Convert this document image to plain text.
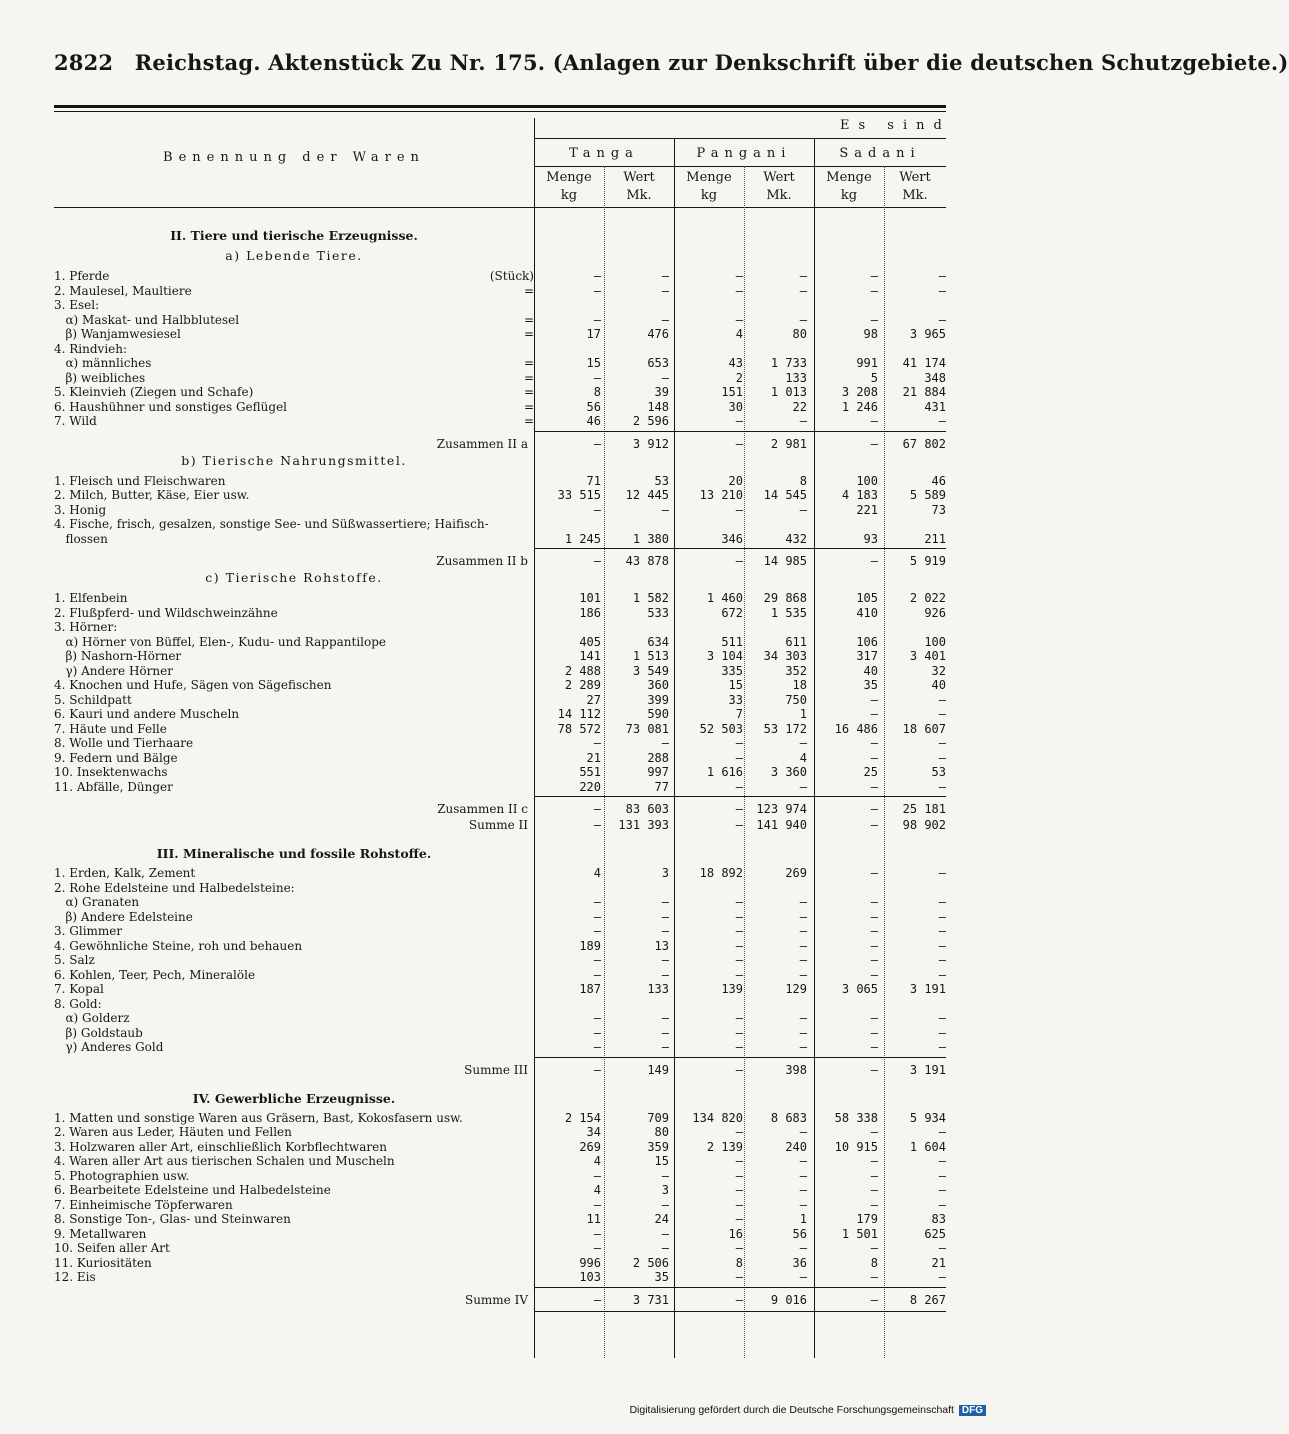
2822 Reichstag. Aktenstück Zu Nr. 175. (Anlagen zur Denkschrift über die deutschen Schutzgebiete.)
Benennung der Waren
Es sind
Tanga	Pangani	Sadani
Menge
kg
Wert
Mk.
Menge
kg
Wert
Mk.
Menge
kg
Wert
Mk.
II. Tiere und tierische Erzeugnisse.
a) Lebende Tiere.
1. Pferde	(Stück)	—	—	—	—	—	—
2. Maulesel, Maultiere	=	—	—	—	—	—	—
3. Esel:
α) Maskat- und Halbblutesel	=	—	—	—	—	—	—
β) Wanjamwesiesel	=	17	476	4	80	98	3 965
4. Rindvieh:
α) männliches	=	15	653	43	1 733	991	41 174
β) weibliches	=	—	—	2	133	5	348
5. Kleinvieh (Ziegen und Schafe)	=	8	39	151	1 013	3 208	21 884
6. Haushühner und sonstiges Geflügel	=	56	148	30	22	1 246	431
7. Wild	=	46	2 596	—	—	—	—
Zusammen II a	—	3 912	—	2 981	—	67 802
b) Tierische Nahrungsmittel.
1. Fleisch und Fleischwaren	71	53	20	8	100	46
2. Milch, Butter, Käse, Eier usw.	33 515	12 445	13 210	14 545	4 183	5 589
3. Honig	—	—	—	—	221	73
4. Fische, frisch, gesalzen, sonstige See- und Süßwassertiere; Haifisch-
flossen	1 245	1 380	346	432	93	211
Zusammen II b	—	43 878	—	14 985	—	5 919
c) Tierische Rohstoffe.
1. Elfenbein	101	1 582	1 460	29 868	105	2 022
2. Flußpferd- und Wildschweinzähne	186	533	672	1 535	410	926
3. Hörner:
α) Hörner von Büffel, Elen-, Kudu- und Rappantilope	405	634	511	611	106	100
β) Nashorn-Hörner	141	1 513	3 104	34 303	317	3 401
γ) Andere Hörner	2 488	3 549	335	352	40	32
4. Knochen und Hufe, Sägen von Sägefischen	2 289	360	15	18	35	40
5. Schildpatt	27	399	33	750	—	—
6. Kauri und andere Muscheln	14 112	590	7	1	—	—
7. Häute und Felle	78 572	73 081	52 503	53 172	16 486	18 607
8. Wolle und Tierhaare	—	—	—	—	—	—
9. Federn und Bälge	21	288	—	4	—	—
10. Insektenwachs	551	997	1 616	3 360	25	53
11. Abfälle, Dünger	220	77	—	—	—	—
Zusammen II c	—	83 603	—	123 974	—	25 181
Summe II	—	131 393	—	141 940	—	98 902
III. Mineralische und fossile Rohstoffe.
1. Erden, Kalk, Zement	4	3	18 892	269	—	—
2. Rohe Edelsteine und Halbedelsteine:
α) Granaten	—	—	—	—	—	—
β) Andere Edelsteine	—	—	—	—	—	—
3. Glimmer	—	—	—	—	—	—
4. Gewöhnliche Steine, roh und behauen	189	13	—	—	—	—
5. Salz	—	—	—	—	—	—
6. Kohlen, Teer, Pech, Mineralöle	—	—	—	—	—	—
7. Kopal	187	133	139	129	3 065	3 191
8. Gold:
α) Golderz	—	—	—	—	—	—
β) Goldstaub	—	—	—	—	—	—
γ) Anderes Gold	—	—	—	—	—	—
Summe III	—	149	—	398	—	3 191
IV. Gewerbliche Erzeugnisse.
1. Matten und sonstige Waren aus Gräsern, Bast, Kokosfasern usw.	2 154	709	134 820	8 683	58 338	5 934
2. Waren aus Leder, Häuten und Fellen	34	80	—	—	—	—
3. Holzwaren aller Art, einschließlich Korbflechtwaren	269	359	2 139	240	10 915	1 604
4. Waren aller Art aus tierischen Schalen und Muscheln	4	15	—	—	—	—
5. Photographien usw.	—	—	—	—	—	—
6. Bearbeitete Edelsteine und Halbedelsteine	4	3	—	—	—	—
7. Einheimische Töpferwaren	—	—	—	—	—	—
8. Sonstige Ton-, Glas- und Steinwaren	11	24	—	1	179	83
9. Metallwaren	—	—	16	56	1 501	625
10. Seifen aller Art	—	—	—	—	—	—
11. Kuriositäten	996	2 506	8	36	8	21
12. Eis	103	35	—	—	—	—
Summe IV	—	3 731	—	9 016	—	8 267
Digitalisierung gefördert durch die Deutsche Forschungsgemeinschaft DFG
